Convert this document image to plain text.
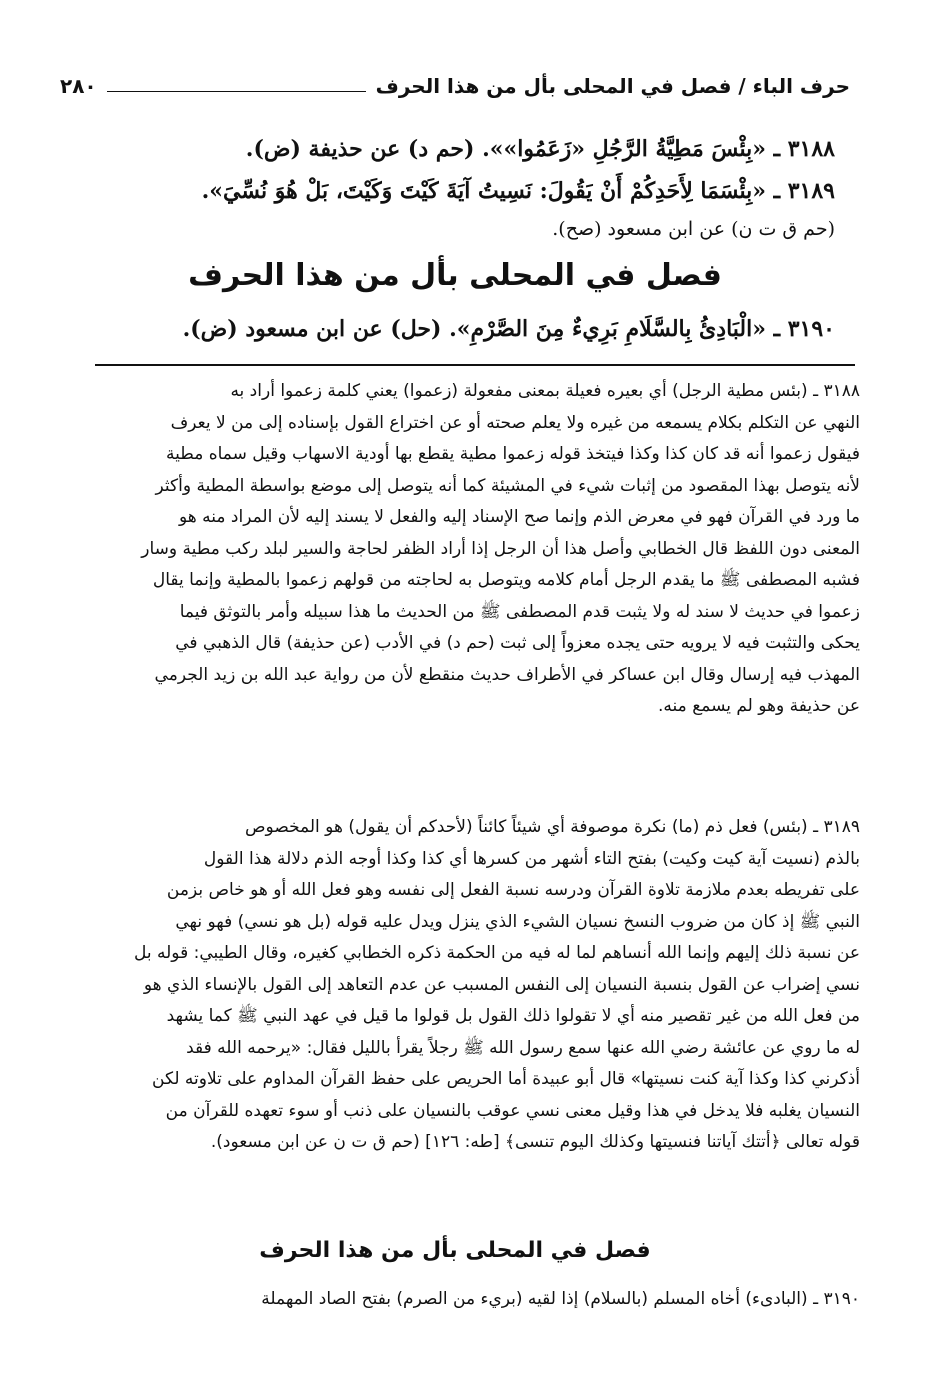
حرف الباء / فصل في المحلى بأل من هذا الحرف
٢٨٠
٣١٨٨ ـ «بِئْسَ مَطِيَّةُ الرَّجُلِ «زَعَمُوا»». (حم د) عن حذيفة (ض).
٣١٨٩ ـ «بِئْسَمَا لِأَحَدِكُمْ أَنْ يَقُولَ: نَسِيتُ آيَةَ كَيْتَ وَكَيْتَ، بَلْ هُوَ نُسِّيَ».
(حم ق ت ن) عن ابن مسعود (صح).
فصل في المحلى بأل من هذا الحرف
٣١٩٠ ـ «الْبَادِئُ بِالسَّلَامِ بَرِيءٌ مِنَ الصَّرْمِ». (حل) عن ابن مسعود (ض).
٣١٨٨ ـ (بئس مطية الرجل) أي بعيره فعيلة بمعنى مفعولة (زعموا) يعني كلمة زعموا أراد به
النهي عن التكلم بكلام يسمعه من غيره ولا يعلم صحته أو عن اختراع القول بإسناده إلى من لا يعرف
فيقول زعموا أنه قد كان كذا وكذا فيتخذ قوله زعموا مطية يقطع بها أودية الاسهاب وقيل سماه مطية
لأنه يتوصل بهذا المقصود من إثبات شيء في المشيئة كما أنه يتوصل إلى موضع بواسطة المطية وأكثر
ما ورد في القرآن فهو في معرض الذم وإنما صح الإسناد إليه والفعل لا يسند إليه لأن المراد منه هو
المعنى دون اللفظ قال الخطابي وأصل هذا أن الرجل إذا أراد الظفر لحاجة والسير لبلد ركب مطية وسار
فشبه المصطفى ﷺ ما يقدم الرجل أمام كلامه ويتوصل به لحاجته من قولهم زعموا بالمطية وإنما يقال
زعموا في حديث لا سند له ولا يثبت قدم المصطفى ﷺ من الحديث ما هذا سبيله وأمر بالتوثق فيما
يحكى والتثبت فيه لا يرويه حتى يجده معزواً إلى ثبت (حم د) في الأدب (عن حذيفة) قال الذهبي في
المهذب فيه إرسال وقال ابن عساكر في الأطراف حديث منقطع لأن من رواية عبد الله بن زيد الجرمي
عن حذيفة وهو لم يسمع منه.
٣١٨٩ ـ (بئس) فعل ذم (ما) نكرة موصوفة أي شيئاً كائناً (لأحدكم أن يقول) هو المخصوص
بالذم (نسيت آية كيت وكيت) بفتح التاء أشهر من كسرها أي كذا وكذا أوجه الذم دلالة هذا القول
على تفريطه بعدم ملازمة تلاوة القرآن ودرسه نسبة الفعل إلى نفسه وهو فعل الله أو هو خاص بزمن
النبي ﷺ إذ كان من ضروب النسخ نسيان الشيء الذي ينزل ويدل عليه قوله (بل هو نسي) فهو نهي
عن نسبة ذلك إليهم وإنما الله أنساهم لما له فيه من الحكمة ذكره الخطابي كغيره، وقال الطيبي: قوله بل
نسي إضراب عن القول بنسبة النسيان إلى النفس المسبب عن عدم التعاهد إلى القول بالإنساء الذي هو
من فعل الله من غير تقصير منه أي لا تقولوا ذلك القول بل قولوا ما قيل في عهد النبي ﷺ كما يشهد
له ما روي عن عائشة رضي الله عنها سمع رسول الله ﷺ رجلاً يقرأ بالليل فقال: «يرحمه الله فقد
أذكرني كذا وكذا آية كنت نسيتها» قال أبو عبيدة أما الحريص على حفظ القرآن المداوم على تلاوته لكن
النسيان يغلبه فلا يدخل في هذا وقيل معنى نسي عوقب بالنسيان على ذنب أو سوء تعهده للقرآن من
قوله تعالى ﴿أتتك آياتنا فنسيتها وكذلك اليوم تنسى﴾ [طه: ١٢٦] (حم ق ت ن عن ابن مسعود).
فصل في المحلى بأل من هذا الحرف
٣١٩٠ ـ (البادىء) أخاه المسلم (بالسلام) إذا لقيه (بريء من الصرم) بفتح الصاد المهملة
